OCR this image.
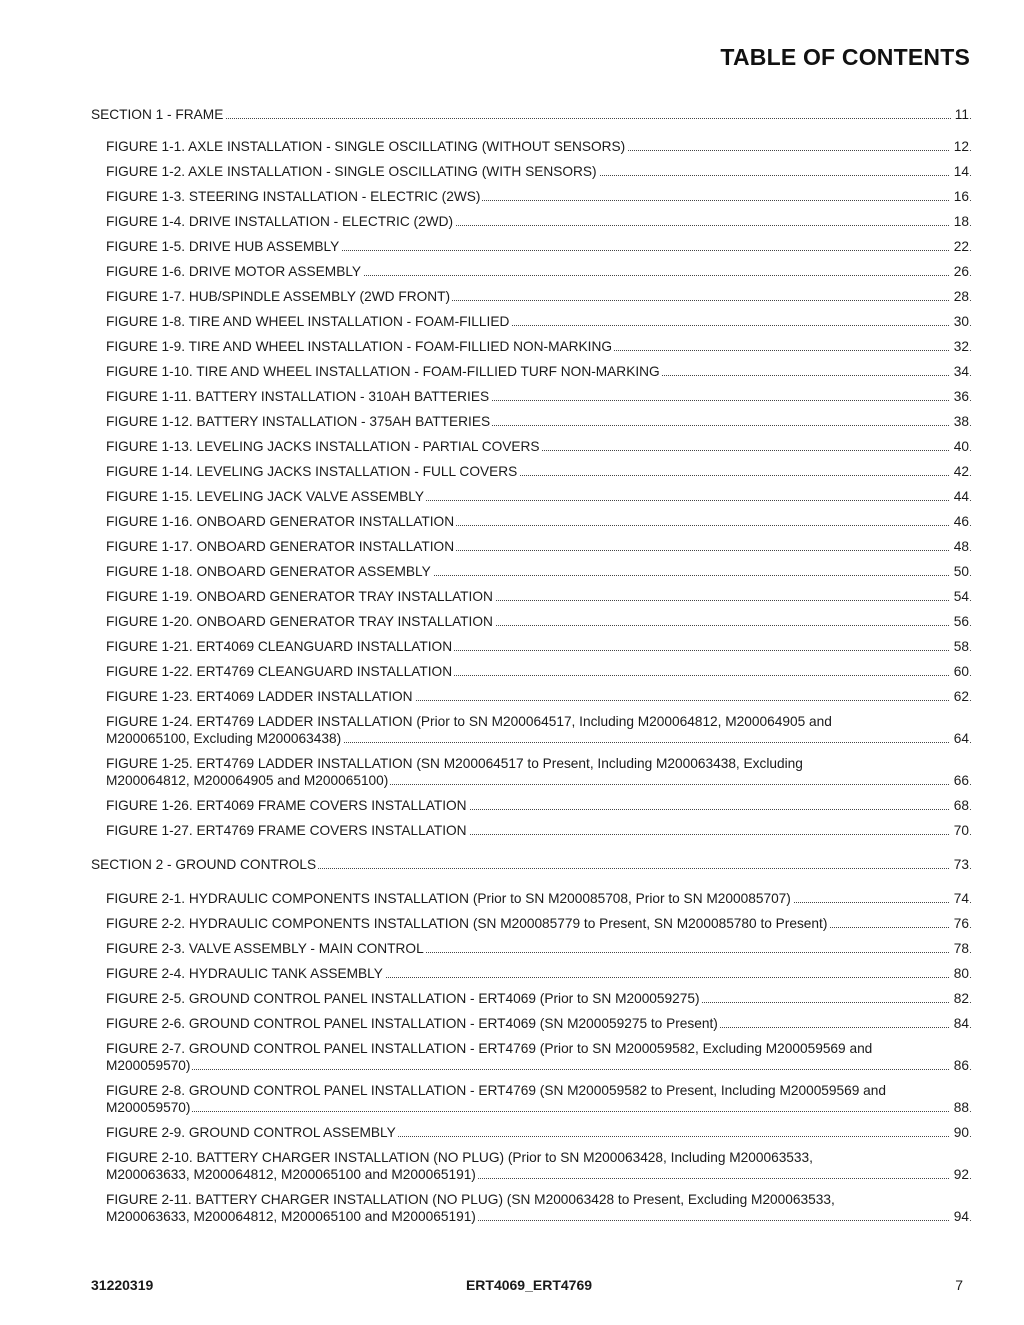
TABLE OF CONTENTS
SECTION 1 - FRAME	11
FIGURE 1-1. AXLE INSTALLATION - SINGLE OSCILLATING (WITHOUT SENSORS)	12
FIGURE 1-2. AXLE INSTALLATION - SINGLE OSCILLATING (WITH SENSORS)	14
FIGURE 1-3. STEERING INSTALLATION - ELECTRIC (2WS)	16
FIGURE 1-4. DRIVE INSTALLATION - ELECTRIC (2WD)	18
FIGURE 1-5. DRIVE HUB ASSEMBLY	22
FIGURE 1-6. DRIVE MOTOR ASSEMBLY	26
FIGURE 1-7. HUB/SPINDLE ASSEMBLY (2WD FRONT)	28
FIGURE 1-8. TIRE AND WHEEL INSTALLATION - FOAM-FILLIED	30
FIGURE 1-9. TIRE AND WHEEL INSTALLATION - FOAM-FILLIED NON-MARKING	32
FIGURE 1-10. TIRE AND WHEEL INSTALLATION - FOAM-FILLIED TURF NON-MARKING	34
FIGURE 1-11. BATTERY INSTALLATION - 310AH BATTERIES	36
FIGURE 1-12. BATTERY INSTALLATION - 375AH BATTERIES	38
FIGURE 1-13. LEVELING JACKS INSTALLATION - PARTIAL COVERS	40
FIGURE 1-14. LEVELING JACKS INSTALLATION - FULL COVERS	42
FIGURE 1-15. LEVELING JACK VALVE ASSEMBLY	44
FIGURE 1-16. ONBOARD GENERATOR INSTALLATION	46
FIGURE 1-17. ONBOARD GENERATOR INSTALLATION	48
FIGURE 1-18. ONBOARD GENERATOR ASSEMBLY	50
FIGURE 1-19. ONBOARD GENERATOR TRAY INSTALLATION	54
FIGURE 1-20. ONBOARD GENERATOR TRAY INSTALLATION	56
FIGURE 1-21. ERT4069 CLEANGUARD INSTALLATION	58
FIGURE 1-22. ERT4769 CLEANGUARD INSTALLATION	60
FIGURE 1-23. ERT4069 LADDER INSTALLATION	62
FIGURE 1-24. ERT4769 LADDER INSTALLATION (Prior to SN M200064517, Including M200064812, M200064905 and
M200065100, Excluding M200063438)	64
FIGURE 1-25. ERT4769 LADDER INSTALLATION (SN M200064517 to Present, Including M200063438, Excluding
M200064812, M200064905 and M200065100)	66
FIGURE 1-26. ERT4069 FRAME COVERS INSTALLATION	68
FIGURE 1-27. ERT4769 FRAME COVERS INSTALLATION	70
SECTION 2 - GROUND CONTROLS	73
FIGURE 2-1. HYDRAULIC COMPONENTS INSTALLATION (Prior to SN M200085708, Prior to SN M200085707)	74
FIGURE 2-2. HYDRAULIC COMPONENTS INSTALLATION (SN M200085779 to Present, SN M200085780 to Present)	76
FIGURE 2-3. VALVE ASSEMBLY - MAIN CONTROL	78
FIGURE 2-4. HYDRAULIC TANK ASSEMBLY	80
FIGURE 2-5. GROUND CONTROL PANEL INSTALLATION - ERT4069 (Prior to SN M200059275)	82
FIGURE 2-6. GROUND CONTROL PANEL INSTALLATION - ERT4069 (SN M200059275 to Present)	84
FIGURE 2-7. GROUND CONTROL PANEL INSTALLATION - ERT4769 (Prior to SN M200059582, Excluding M200059569 and
M200059570)	86
FIGURE 2-8. GROUND CONTROL PANEL INSTALLATION - ERT4769 (SN M200059582 to Present, Including M200059569 and
M200059570)	88
FIGURE 2-9. GROUND CONTROL ASSEMBLY	90
FIGURE 2-10. BATTERY CHARGER INSTALLATION (NO PLUG) (Prior to SN M200063428, Including M200063533,
M200063633, M200064812, M200065100 and M200065191)	92
FIGURE 2-11. BATTERY CHARGER INSTALLATION (NO PLUG) (SN M200063428 to Present, Excluding M200063533,
M200063633, M200064812, M200065100 and M200065191)	94
31220319	ERT4069_ERT4769	7
